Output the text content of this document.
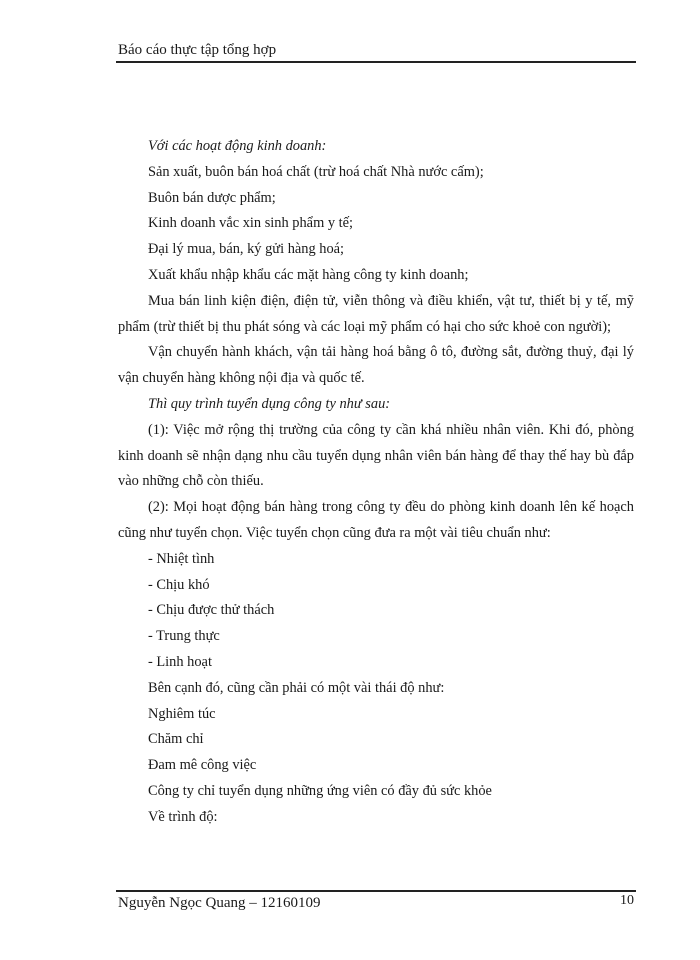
Báo cáo thực tập tổng hợp

Với các hoạt động kinh doanh:

Sản xuất, buôn bán hoá chất (trừ hoá chất Nhà nước cấm);

Buôn bán dược phẩm;

Kinh doanh vắc xin sinh phẩm y tế;

Đại lý mua, bán, ký gửi hàng hoá;

Xuất khẩu nhập khẩu các mặt hàng công ty kinh doanh;

Mua bán linh kiện điện, điện tử, viễn thông và điều khiển, vật tư, thiết bị y tế, mỹ phẩm (trừ thiết bị thu phát sóng và các loại mỹ phẩm có hại cho sức khoẻ con người);

Vận chuyển hành khách, vận tải hàng hoá bằng ô tô, đường sắt, đường thuỷ, đại lý vận chuyển hàng không nội địa và quốc tế.

Thì quy trình tuyển dụng công ty như sau:

(1): Việc mở rộng thị trường của công ty cần khá nhiều nhân viên. Khi đó, phòng kinh doanh sẽ nhận dạng nhu cầu tuyển dụng nhân viên bán hàng để thay thế hay bù đắp vào những chỗ còn thiếu.

(2): Mọi hoạt động bán hàng trong công ty đều do phòng kinh doanh lên kế hoạch cũng như tuyển chọn. Việc tuyển chọn cũng đưa ra một vài tiêu chuẩn như:

- Nhiệt tình

- Chịu khó

- Chịu được thử thách

- Trung thực

- Linh hoạt

Bên cạnh đó, cũng cần phải có một vài thái độ như:

Nghiêm túc

Chăm chỉ

Đam mê công việc

Công ty chỉ tuyển dụng những ứng viên có đầy đủ sức khỏe

Về trình độ:

Nguyễn Ngọc Quang – 12160109	10
